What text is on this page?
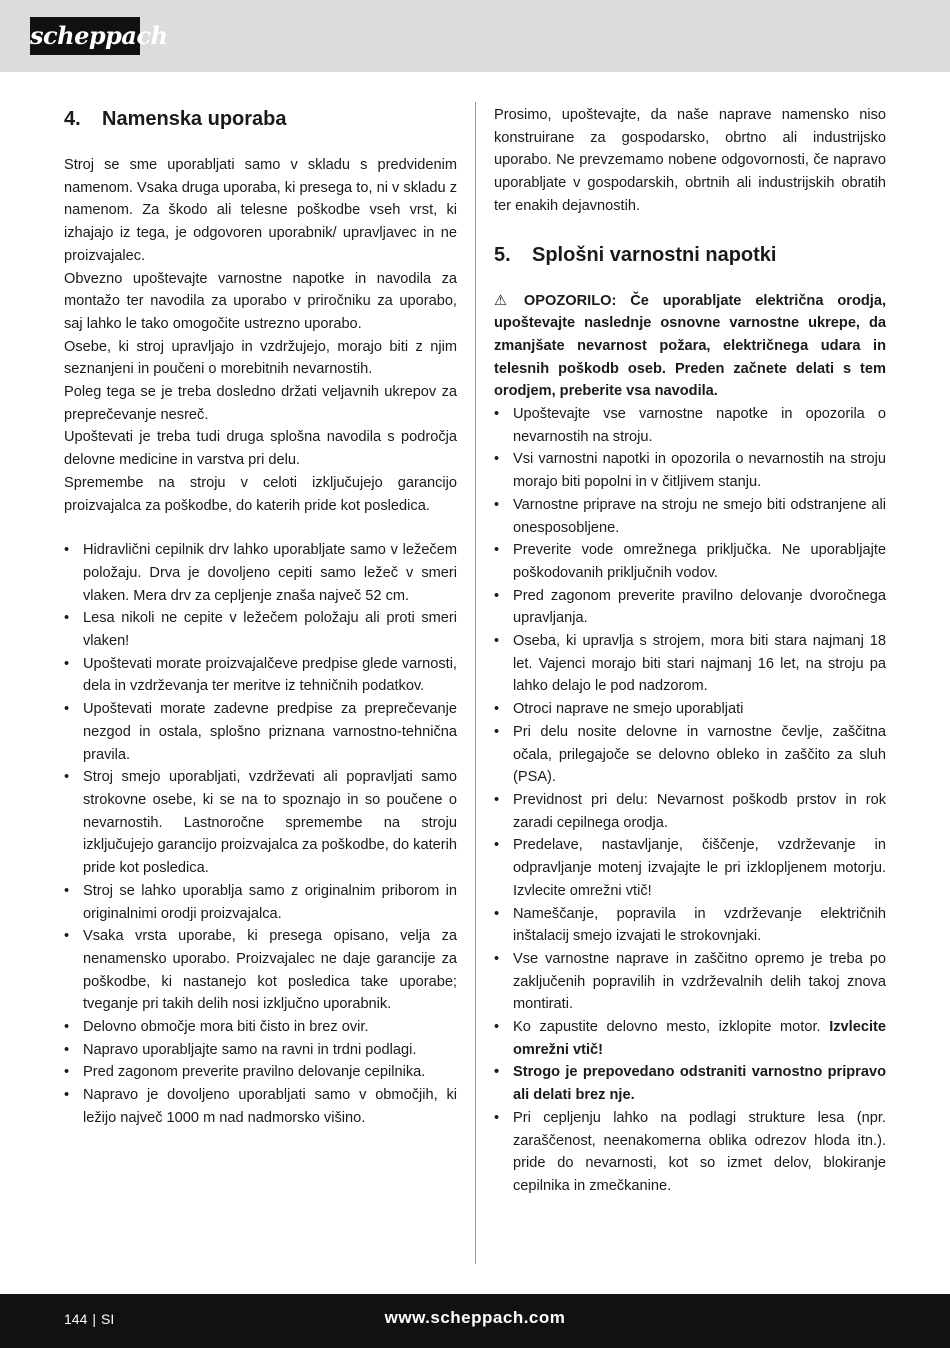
scheppach
4.	Namenska uporaba

Stroj se sme uporabljati samo v skladu s predvidenim namenom. Vsaka druga uporaba, ki presega to, ni v skladu z namenom. Za škodo ali telesne poškodbe vseh vrst, ki izhajajo iz tega, je odgovoren uporabnik/ upravljavec in ne proizvajalec.

Obvezno upoštevajte varnostne napotke in navodila za montažo ter navodila za uporabo v priročniku za uporabo, saj lahko le tako omogočite ustrezno uporabo.

Osebe, ki stroj upravljajo in vzdržujejo, morajo biti z njim seznanjeni in poučeni o morebitnih nevarnostih.

Poleg tega se je treba dosledno držati veljavnih ukrepov za preprečevanje nesreč.

Upoštevati je treba tudi druga splošna navodila s področja delovne medicine in varstva pri delu.

Spremembe na stroju v celoti izključujejo garancijo proizvajalca za poškodbe, do katerih pride kot posledica.

• Hidravlični cepilnik drv lahko uporabljate samo v ležečem položaju. Drva je dovoljeno cepiti samo ležeč v smeri vlaken. Mera drv za cepljenje znaša največ 52 cm.
• Lesa nikoli ne cepite v ležečem položaju ali proti smeri vlaken!
• Upoštevati morate proizvajalčeve predpise glede varnosti, dela in vzdrževanja ter meritve iz tehničnih podatkov.
• Upoštevati morate zadevne predpise za preprečevanje nezgod in ostala, splošno priznana varnostno-tehnična pravila.
• Stroj smejo uporabljati, vzdrževati ali popravljati samo strokovne osebe, ki se na to spoznajo in so poučene o nevarnostih. Lastnoročne spremembe na stroju izključujejo garancijo proizvajalca za poškodbe, do katerih pride kot posledica.
• Stroj se lahko uporablja samo z originalnim priborom in originalnimi orodji proizvajalca.
• Vsaka vrsta uporabe, ki presega opisano, velja za nenamensko uporabo. Proizvajalec ne daje garancije za poškodbe, ki nastanejo kot posledica take uporabe; tveganje pri takih delih nosi izključno uporabnik.
• Delovno območje mora biti čisto in brez ovir.
• Napravo uporabljajte samo na ravni in trdni podlagi.
• Pred zagonom preverite pravilno delovanje cepilnika.
• Napravo je dovoljeno uporabljati samo v območjih, ki ležijo največ 1000 m nad nadmorsko višino.

Prosimo, upoštevajte, da naše naprave namensko niso konstruirane za gospodarsko, obrtno ali industrijsko uporabo. Ne prevzemamo nobene odgovornosti, če napravo uporabljate v gospodarskih, obrtnih ali industrijskih obratih ter enakih dejavnostih.

5.	Splošni varnostni napotki

⚠ OPOZORILO: Če uporabljate električna orodja, upoštevajte naslednje osnovne varnostne ukrepe, da zmanjšate nevarnost požara, električnega udara in telesnih poškodb oseb. Preden začnete delati s tem orodjem, preberite vsa navodila.

• Upoštevajte vse varnostne napotke in opozorila o nevarnostih na stroju.
• Vsi varnostni napotki in opozorila o nevarnostih na stroju morajo biti popolni in v čitljivem stanju.
• Varnostne priprave na stroju ne smejo biti odstranjene ali onesposobljene.
• Preverite vode omrežnega priključka. Ne uporabljajte poškodovanih priključnih vodov.
• Pred zagonom preverite pravilno delovanje dvoročnega upravljanja.
• Oseba, ki upravlja s strojem, mora biti stara najmanj 18 let. Vajenci morajo biti stari najmanj 16 let, na stroju pa lahko delajo le pod nadzorom.
• Otroci naprave ne smejo uporabljati
• Pri delu nosite delovne in varnostne čevlje, zaščitna očala, prilegajoče se delovno obleko in zaščito za sluh (PSA).
• Previdnost pri delu: Nevarnost poškodb prstov in rok zaradi cepilnega orodja.
• Predelave, nastavljanje, čiščenje, vzdrževanje in odpravljanje motenj izvajajte le pri izklopljenem motorju. Izvlecite omrežni vtič!
• Nameščanje, popravila in vzdrževanje električnih inštalacij smejo izvajati le strokovnjaki.
• Vse varnostne naprave in zaščitno opremo je treba po zaključenih popravilih in vzdrževalnih delih takoj znova montirati.
• Ko zapustite delovno mesto, izklopite motor. Izvlecite omrežni vtič!
• Strogo je prepovedano odstraniti varnostno pripravo ali delati brez nje.
• Pri cepljenju lahko na podlagi strukture lesa (npr. zaraščenost, neenakomerna oblika odrezov hloda itn.). pride do nevarnosti, kot so izmet delov, blokiranje cepilnika in zmečkanine.
144 | SI	www.scheppach.com
